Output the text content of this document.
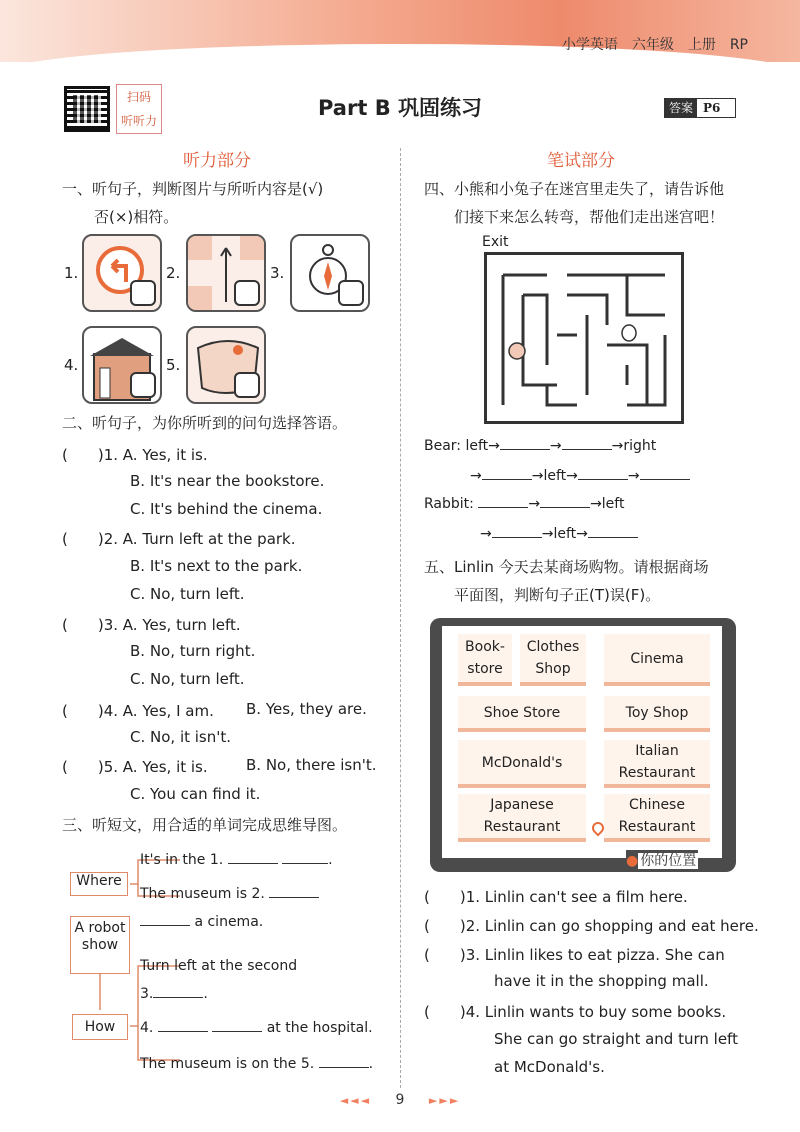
小学英语　六年级　上册　RP
扫码
听听力
Part B 巩固练习	答案 P6
听力部分
一、听句子，判断图片与所听内容是(√)
否(×)相符。
1.	2.	3.
4.	5.
二、听句子，为你所听到的问句选择答语。
(　　)1. A. Yes, it is.
B. It's near the bookstore.
C. It's behind the cinema.
(　　)2. A. Turn left at the park.
B. It's next to the park.
C. No, turn left.
(　　)3. A. Yes, turn left.
B. No, turn right.
C. No, turn left.
(　　)4. A. Yes, I am. B. Yes, they are.
C. No, it isn't.
(　　)5. A. Yes, it is.	B. No, there isn't.
C. You can find it.
三、听短文，用合适的单词完成思维导图。
Where
A robot show
How
It's in the 1.	.
The museum is 2.
a cinema.
Turn left at the second
3.	.
4.	at the hospital.
The museum is on the 5.	.
笔试部分
四、小熊和小兔子在迷宫里走失了，请告诉他
们接下来怎么转弯，帮他们走出迷宫吧！
Exit
Bear: left→	→	→right
→	→left→	→
Rabbit:	→	→left
→	→left→
五、Linlin 今天去某商场购物。请根据商场
平面图，判断句子正(T)误(F)。
Book-store
Clothes Shop
Cinema
Shoe Store	Toy Shop
McDonald's
Italian Restaurant
Japanese Restaurant
Chinese Restaurant
● 你的位置
(　　)1. Linlin can't see a film here.
(　　)2. Linlin can go shopping and eat here.
(　　)3. Linlin likes to eat pizza. She can
have it in the shopping mall.
(　　)4. Linlin wants to buy some books.
She can go straight and turn left
at McDonald's.
◄◄◄ 9 ►►►
